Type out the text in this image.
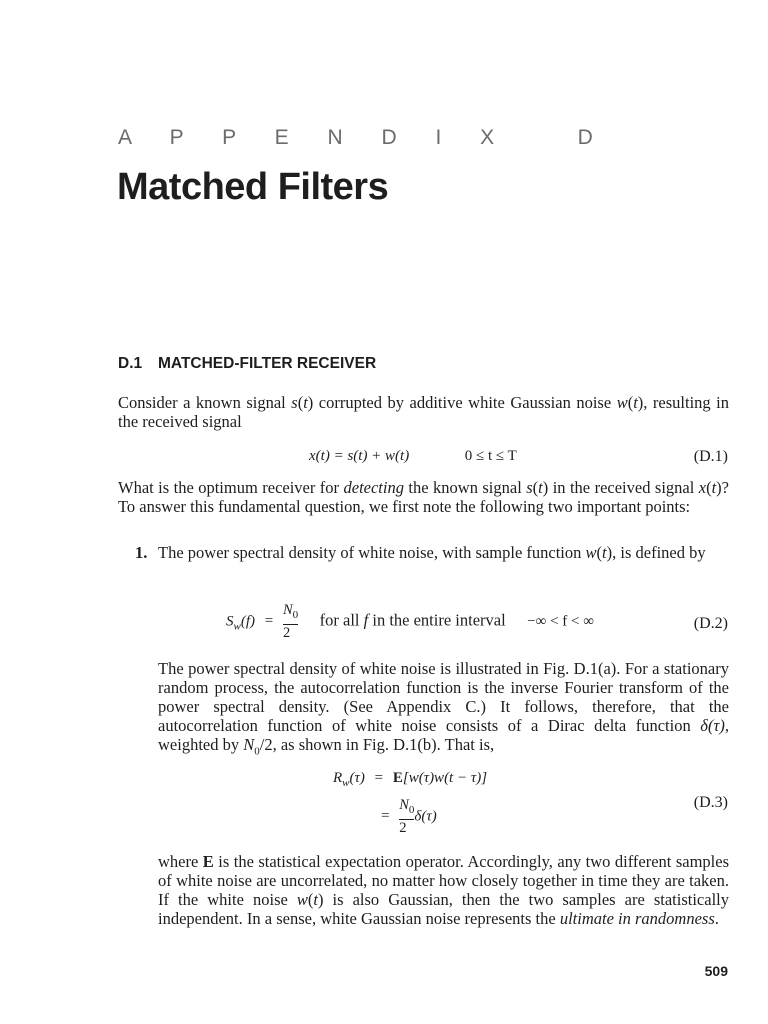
A P P E N D I X   D
Matched Filters
D.1 MATCHED-FILTER RECEIVER

Consider a known signal s(t) corrupted by additive white Gaussian noise w(t), resulting in the received signal

x(t) = s(t) + w(t)	0 ≤ t ≤ T	(D.1)

What is the optimum receiver for detecting the known signal s(t) in the received signal x(t)? To answer this fundamental question, we first note the following two important points:

1. The power spectral density of white noise, with sample function w(t), is defined by
$S_w(f) = \frac{N_0}{2}$ for all f in the entire interval −∞ < f < ∞	(D.2)

The power spectral density of white noise is illustrated in Fig. D.1(a). For a stationary random process, the autocorrelation function is the inverse Fourier transform of the power spectral density. (See Appendix C.) It follows, therefore, that the autocorrelation function of white noise consists of a Dirac delta function δ(τ), weighted by $N_0/2$, as shown in Fig. D.1(b). That is,

$R_w(\tau) = E[w(\tau)w(t - \tau)]$
= $\frac{N_0}{2} \delta(\tau)$
(D.3)

where E is the statistical expectation operator. Accordingly, any two different samples of white noise are uncorrelated, no matter how closely together in time they are taken. If the white noise w(t) is also Gaussian, then the two samples are statistically independent. In a sense, white Gaussian noise represents the ultimate in randomness.

509
